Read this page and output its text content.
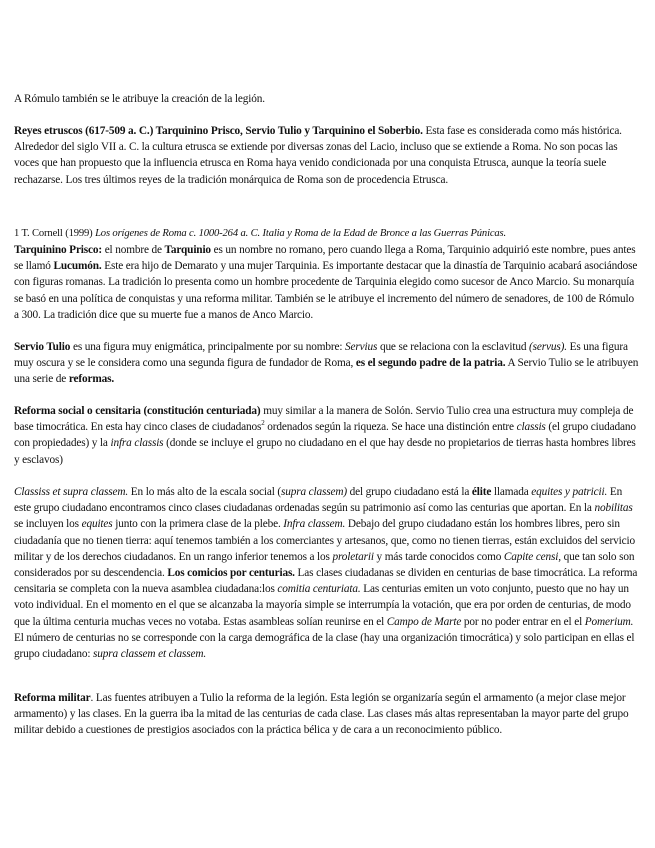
A Rómulo también se le atribuye la creación de la legión.

Reyes etruscos (617-509 a. C.) Tarquinino Prisco, Servio Tulio y Tarquinino el Soberbio. Esta fase es considerada como más histórica. Alrededor del siglo VII a. C. la cultura etrusca se extiende por diversas zonas del Lacio, incluso que se extiende a Roma. No son pocas las voces que han propuesto que la influencia etrusca en Roma haya venido condicionada por una conquista Etrusca, aunque la teoría suele rechazarse. Los tres últimos reyes de la tradición monárquica de Roma son de procedencia Etrusca.

1 T. Cornell (1999) Los orígenes de Roma c. 1000-264 a. C. Italia y Roma de la Edad de Bronce a las Guerras Púnicas.

Tarquinino Prisco: el nombre de Tarquinio es un nombre no romano, pero cuando llega a Roma, Tarquinio adquirió este nombre, pues antes se llamó Lucumón. Este era hijo de Demarato y una mujer Tarquinia. Es importante destacar que la dinastía de Tarquinio acabará asociándose con figuras romanas. La tradición lo presenta como un hombre procedente de Tarquinia elegido como sucesor de Anco Marcio. Su monarquía se basó en una política de conquistas y una reforma militar. También se le atribuye el incremento del número de senadores, de 100 de Rómulo a 300. La tradición dice que su muerte fue a manos de Anco Marcio.

Servio Tulio es una figura muy enigmática, principalmente por su nombre: Servius que se relaciona con la esclavitud (servus). Es una figura muy oscura y se le considera como una segunda figura de fundador de Roma, es el segundo padre de la patria. A Servio Tulio se le atribuyen una serie de reformas.

Reforma social o censitaria (constitución centuriada) muy similar a la manera de Solón. Servio Tulio crea una estructura muy compleja de base timocrática. En esta hay cinco clases de ciudadanos$^2$ ordenados según la riqueza. Se hace una distinción entre classis (el grupo ciudadano con propiedades) y la infra classis (donde se incluye el grupo no ciudadano en el que hay desde no propietarios de tierras hasta hombres libres y esclavos)

Classiss et supra classem. En lo más alto de la escala social (supra classem) del grupo ciudadano está la élite llamada equites y patricii. En este grupo ciudadano encontramos cinco clases ciudadanas ordenadas según su patrimonio así como las centurias que aportan. En la nobilitas se incluyen los equites junto con la primera clase de la plebe. Infra classem. Debajo del grupo ciudadano están los hombres libres, pero sin ciudadanía que no tienen tierra: aquí tenemos también a los comerciantes y artesanos, que, como no tienen tierras, están excluidos del servicio militar y de los derechos ciudadanos. En un rango inferior tenemos a los proletarii y más tarde conocidos como Capite censi, que tan solo son considerados por su descendencia. Los comicios por centurias. Las clases ciudadanas se dividen en centurias de base timocrática. La reforma censitaria se completa con la nueva asamblea ciudadana:los comitia centuriata. Las centurias emiten un voto conjunto, puesto que no hay un voto individual. En el momento en el que se alcanzaba la mayoría simple se interrumpía la votación, que era por orden de centurias, de modo que la última centuria muchas veces no votaba. Estas asambleas solían reunirse en el Campo de Marte por no poder entrar en el el Pomerium. El número de centurias no se corresponde con la carga demográfica de la clase (hay una organización timocrática) y solo participan en ellas el grupo ciudadano: supra classem et classem.

Reforma militar. Las fuentes atribuyen a Tulio la reforma de la legión. Esta legión se organizaría según el armamento (a mejor clase mejor armamento) y las clases. En la guerra iba la mitad de las centurias de cada clase. Las clases más altas representaban la mayor parte del grupo militar debido a cuestiones de prestigios asociados con la práctica bélica y de cara a un reconocimiento público.
